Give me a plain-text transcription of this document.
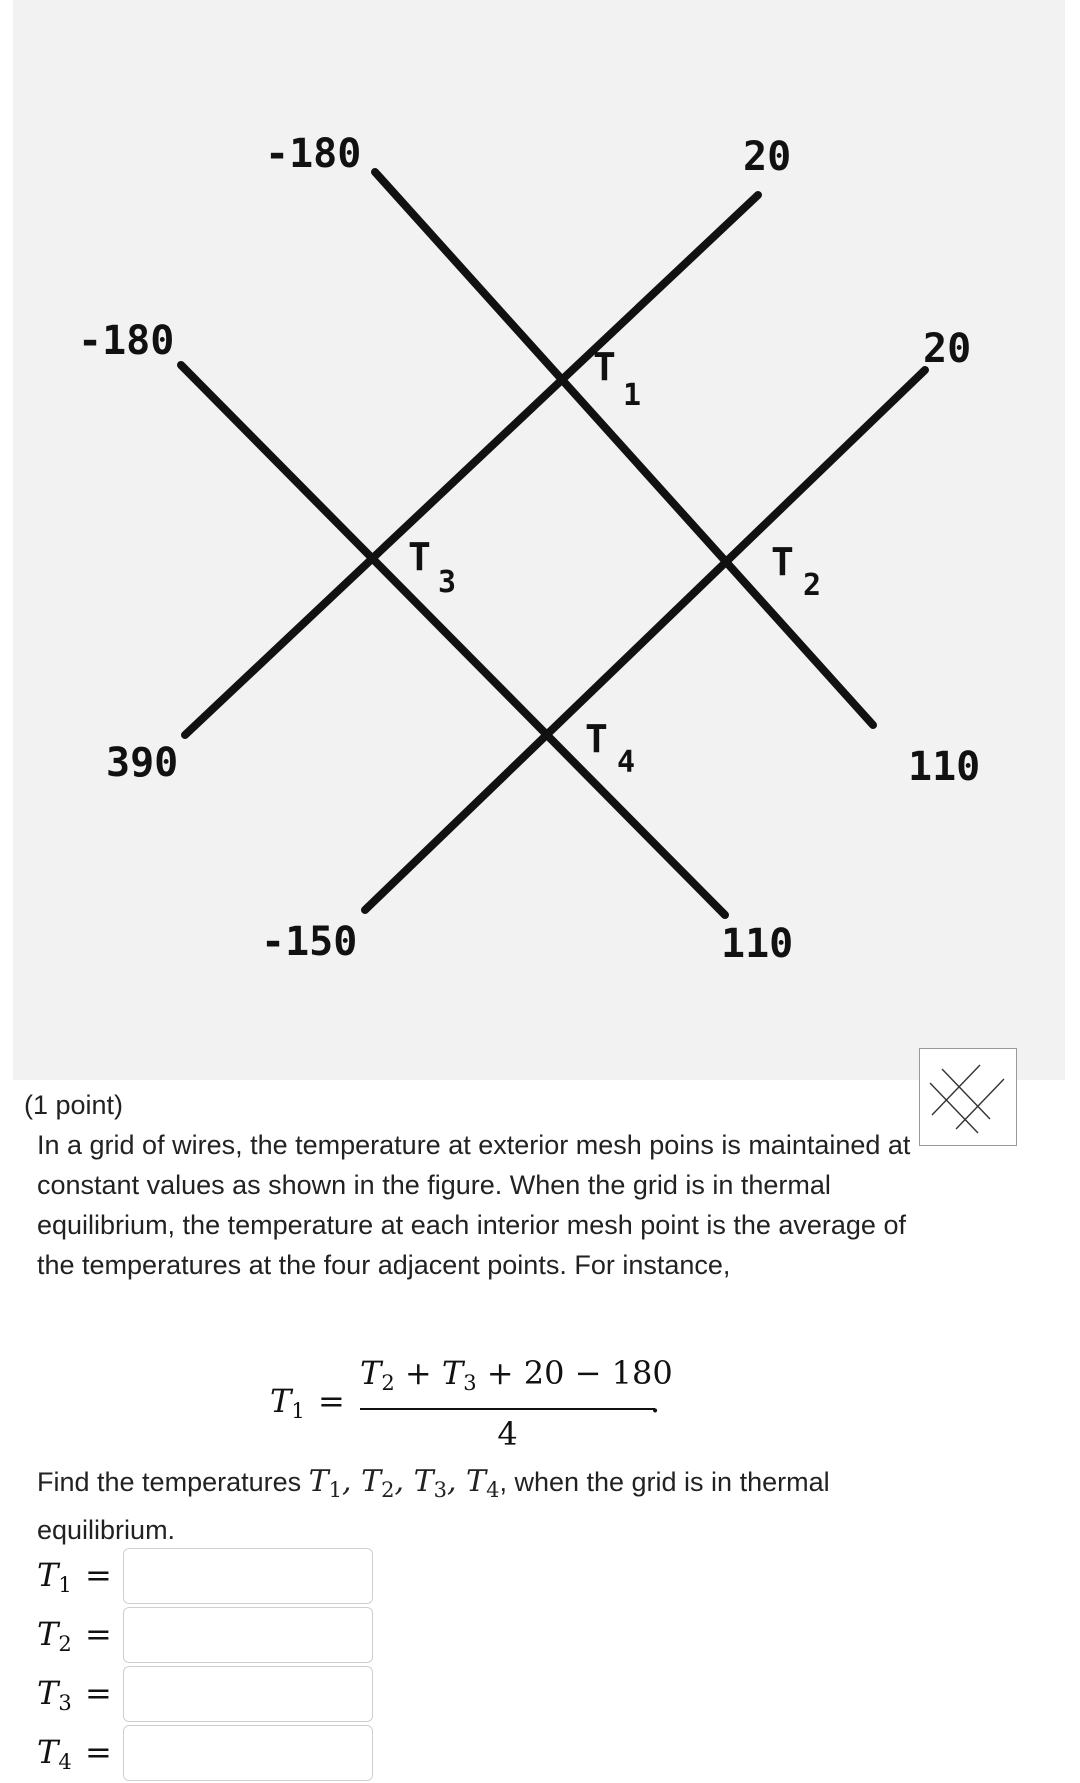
-180	20
-180	20
390	110
-150	110
T
1
T
2
T
3
T
4
(1 point)
In a grid of wires, the temperature at exterior mesh poins is maintained at constant values as shown in the figure. When the grid is in thermal equilibrium, the temperature at each interior mesh point is the average of the temperatures at the four adjacent points. For instance,
$T_1$ =
$T_2 + T_3 + 20 - 180$
4
.
Find the temperatures $T_1$, $T_2$, $T_3$, $T_4$, when the grid is in thermal equilibrium.
$T_1$ =
$T_2$ =
$T_3$ =
$T_4$ =
